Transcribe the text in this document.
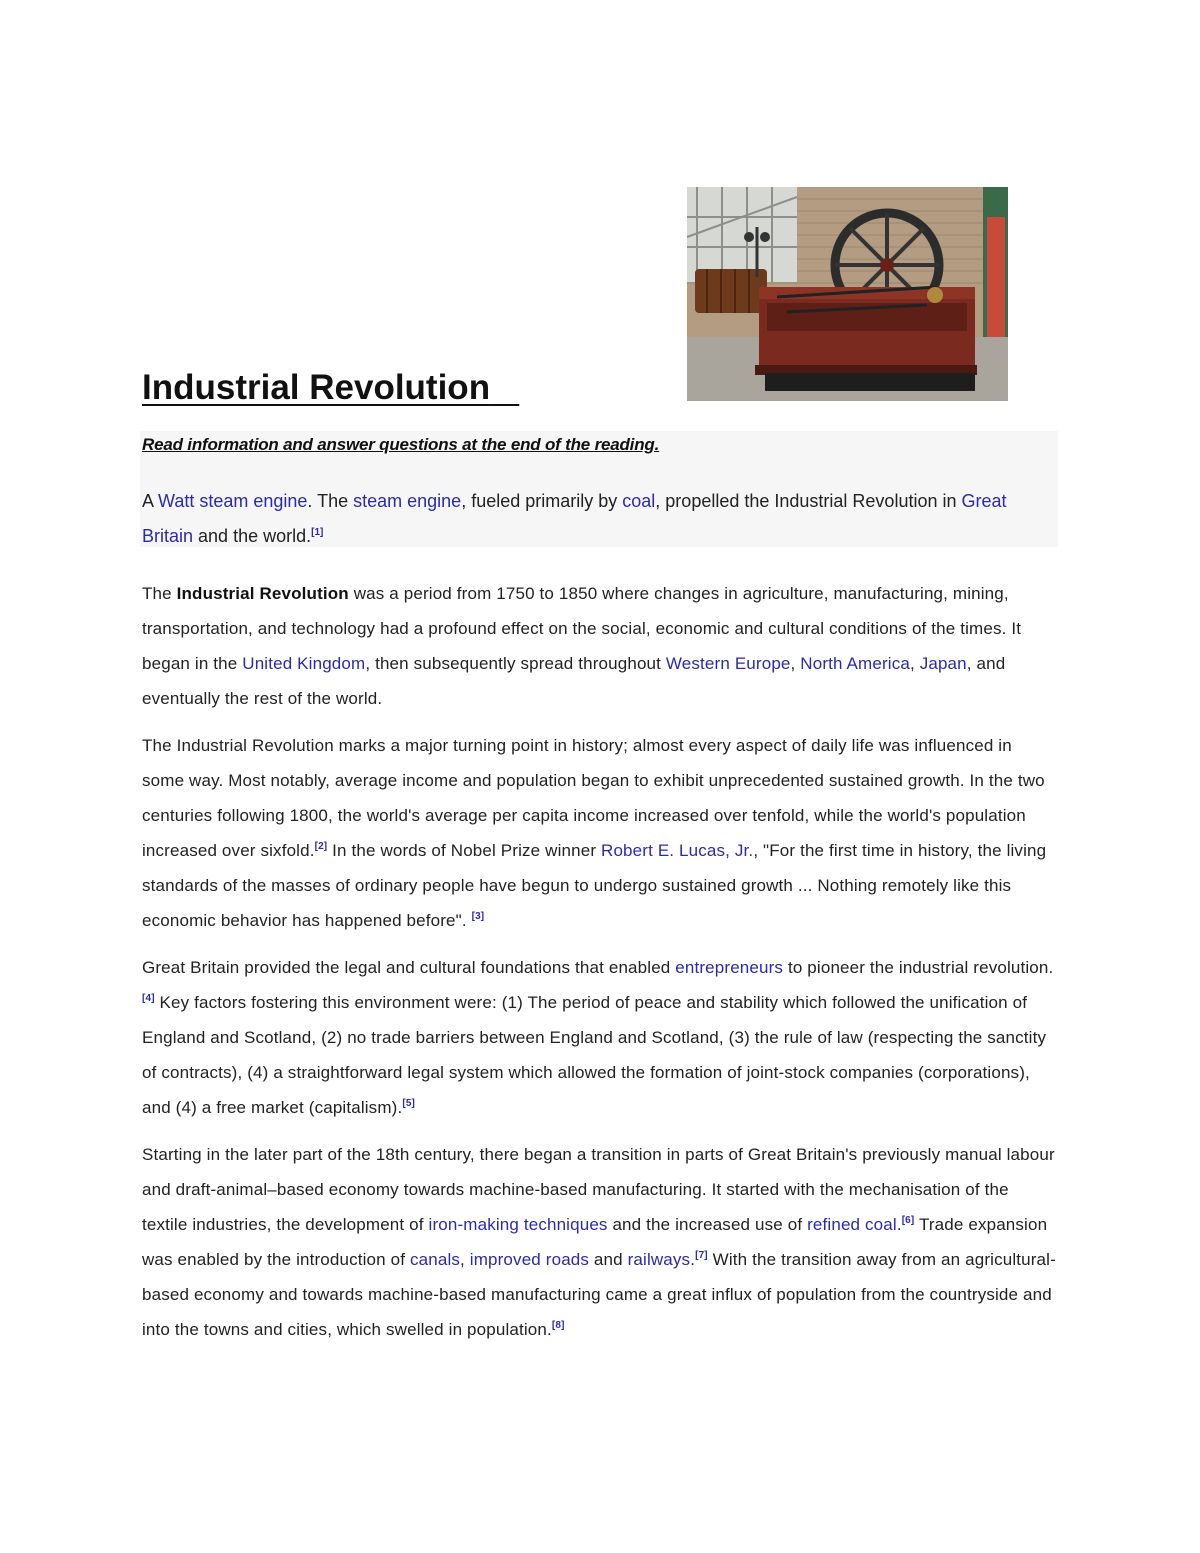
Industrial Revolution

Read information and answer questions at the end of the reading.

A Watt steam engine. The steam engine, fueled primarily by coal, propelled the Industrial Revolution in Great Britain and the world.[1]

The Industrial Revolution was a period from 1750 to 1850 where changes in agriculture, manufacturing, mining, transportation, and technology had a profound effect on the social, economic and cultural conditions of the times. It began in the United Kingdom, then subsequently spread throughout Western Europe, North America, Japan, and eventually the rest of the world.

The Industrial Revolution marks a major turning point in history; almost every aspect of daily life was influenced in some way. Most notably, average income and population began to exhibit unprecedented sustained growth. In the two centuries following 1800, the world's average per capita income increased over tenfold, while the world's population increased over sixfold.[2] In the words of Nobel Prize winner Robert E. Lucas, Jr., "For the first time in history, the living standards of the masses of ordinary people have begun to undergo sustained growth ... Nothing remotely like this economic behavior has happened before". [3]

Great Britain provided the legal and cultural foundations that enabled entrepreneurs to pioneer the industrial revolution.[4] Key factors fostering this environment were: (1) The period of peace and stability which followed the unification of England and Scotland, (2) no trade barriers between England and Scotland, (3) the rule of law (respecting the sanctity of contracts), (4) a straightforward legal system which allowed the formation of joint-stock companies (corporations), and (4) a free market (capitalism).[5]

Starting in the later part of the 18th century, there began a transition in parts of Great Britain's previously manual labour and draft-animal–based economy towards machine-based manufacturing. It started with the mechanisation of the textile industries, the development of iron-making techniques and the increased use of refined coal.[6] Trade expansion was enabled by the introduction of canals, improved roads and railways.[7] With the transition away from an agricultural-based economy and towards machine-based manufacturing came a great influx of population from the countryside and into the towns and cities, which swelled in population.[8]
